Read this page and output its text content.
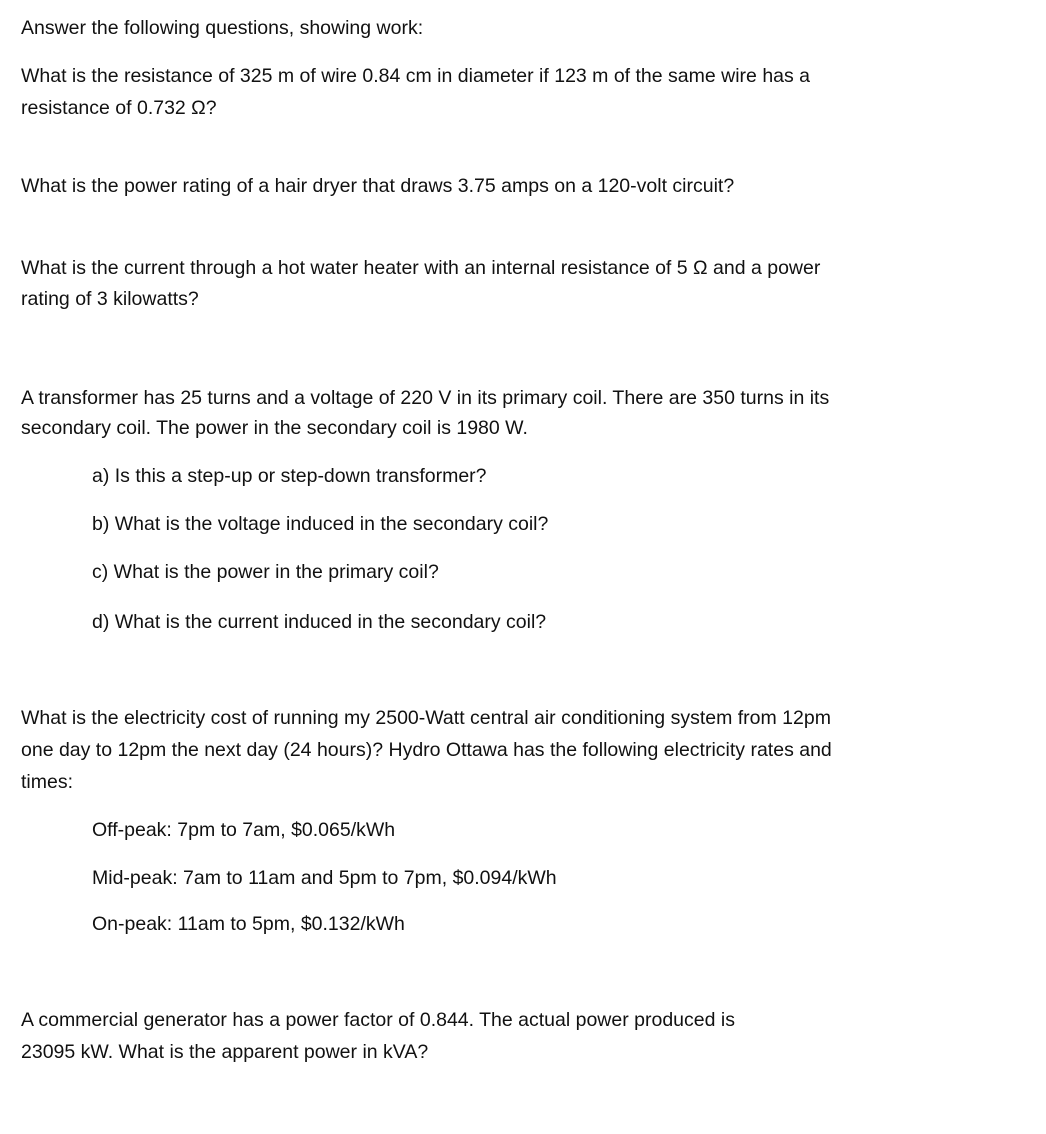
Answer the following questions, showing work:
What is the resistance of 325 m of wire 0.84 cm in diameter if 123 m of the same wire has a
resistance of 0.732 Ω?
What is the power rating of a hair dryer that draws 3.75 amps on a 120-volt circuit?
What is the current through a hot water heater with an internal resistance of 5 Ω and a power
rating of 3 kilowatts?
A transformer has 25 turns and a voltage of 220 V in its primary coil. There are 350 turns in its
secondary coil. The power in the secondary coil is 1980 W.
a) Is this a step-up or step-down transformer?
b) What is the voltage induced in the secondary coil?
c) What is the power in the primary coil?
d) What is the current induced in the secondary coil?
What is the electricity cost of running my 2500-Watt central air conditioning system from 12pm
one day to 12pm the next day (24 hours)? Hydro Ottawa has the following electricity rates and
times:
Off-peak: 7pm to 7am, $0.065/kWh
Mid-peak: 7am to 11am and 5pm to 7pm, $0.094/kWh
On-peak: 11am to 5pm, $0.132/kWh
A commercial generator has a power factor of 0.844. The actual power produced is
23095 kW. What is the apparent power in kVA?
